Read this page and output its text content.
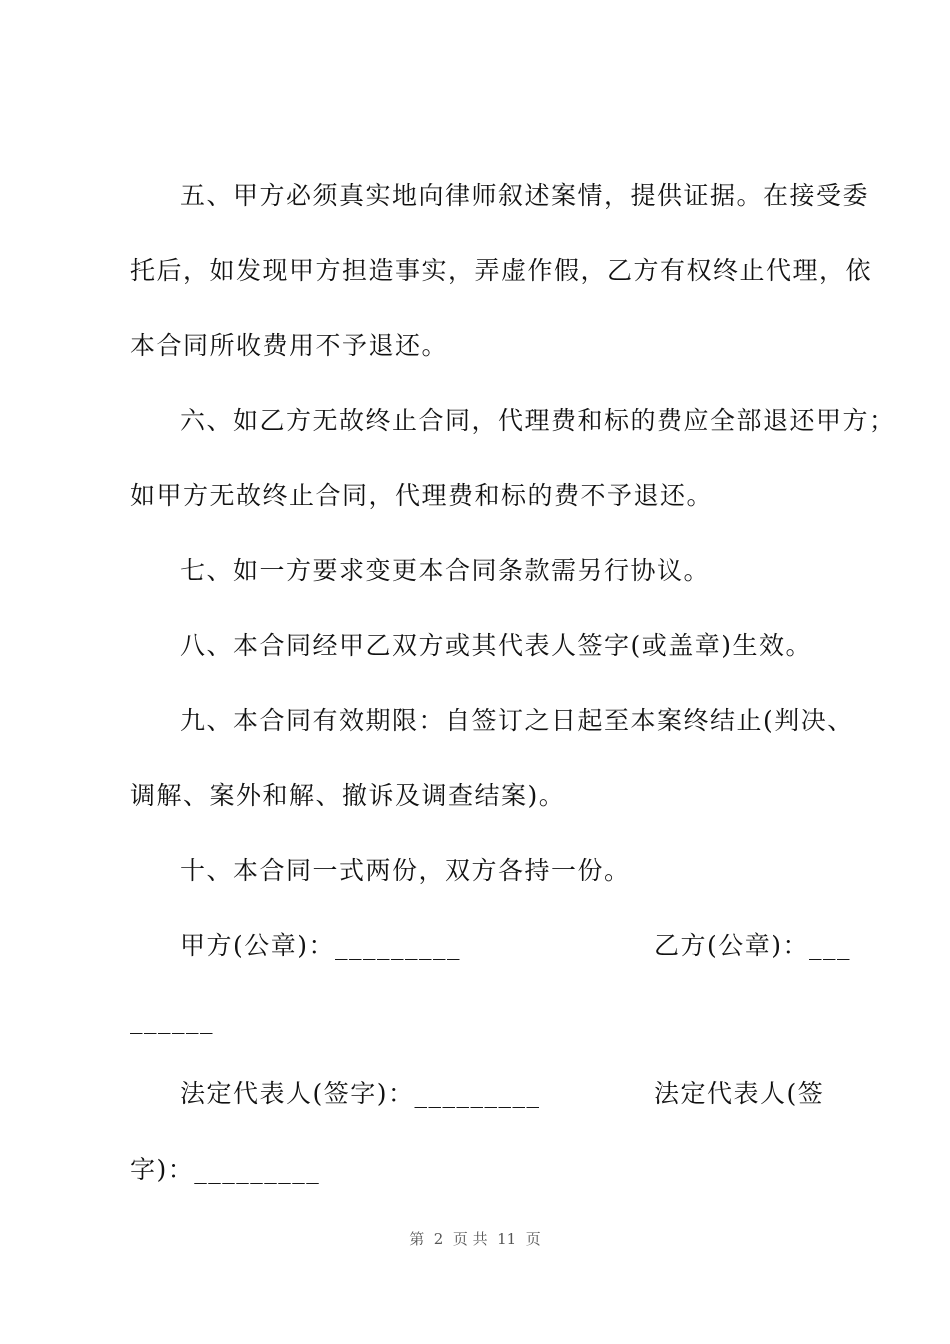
五、甲方必须真实地向律师叙述案情，提供证据。在接受委
托后，如发现甲方担造事实，弄虚作假，乙方有权终止代理，依
本合同所收费用不予退还。
六、如乙方无故终止合同，代理费和标的费应全部退还甲方；
如甲方无故终止合同，代理费和标的费不予退还。
七、如一方要求变更本合同条款需另行协议。
八、本合同经甲乙双方或其代表人签字(或盖章)生效。
九、本合同有效期限：自签订之日起至本案终结止(判决、
调解、案外和解、撤诉及调查结案)。
十、本合同一式两份，双方各持一份。
甲方(公章)：_________	乙方(公章)：___
______
法定代表人(签字)：_________	法定代表人(签
字)：_________
第  2  页 共  11  页
